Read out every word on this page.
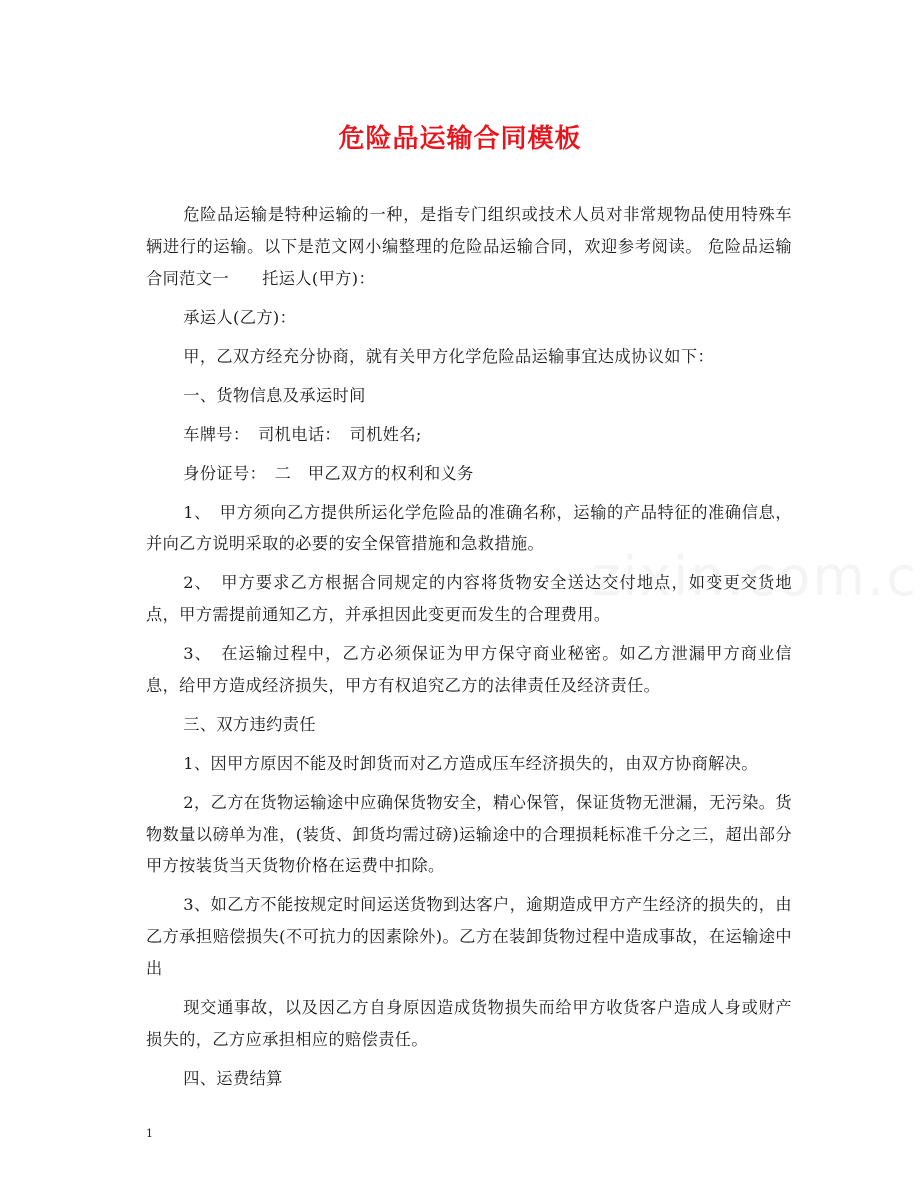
危险品运输合同模板

危险品运输是特种运输的一种，是指专门组织或技术人员对非常规物品使用特殊车辆进行的运输。以下是范文网小编整理的危险品运输合同，欢迎参考阅读。 危险品运输合同范文一　　托运人(甲方)：

承运人(乙方)：

甲，乙双方经充分协商，就有关甲方化学危险品运输事宜达成协议如下：

一、货物信息及承运时间

车牌号：　司机电话：　司机姓名;

身份证号：　二　甲乙双方的权利和义务

1、　甲方须向乙方提供所运化学危险品的准确名称，运输的产品特征的准确信息，并向乙方说明采取的必要的安全保管措施和急救措施。

2、　甲方要求乙方根据合同规定的内容将货物安全送达交付地点，如变更交货地点，甲方需提前通知乙方，并承担因此变更而发生的合理费用。

3、　在运输过程中，乙方必须保证为甲方保守商业秘密。如乙方泄漏甲方商业信息，给甲方造成经济损失，甲方有权追究乙方的法律责任及经济责任。

三、双方违约责任

1、因甲方原因不能及时卸货而对乙方造成压车经济损失的，由双方协商解决。

2，乙方在货物运输途中应确保货物安全，精心保管，保证货物无泄漏，无污染。货物数量以磅单为准，(装货、卸货均需过磅)运输途中的合理损耗标准千分之三，超出部分甲方按装货当天货物价格在运费中扣除。

3、如乙方不能按规定时间运送货物到达客户，逾期造成甲方产生经济的损失的，由乙方承担赔偿损失(不可抗力的因素除外)。乙方在装卸货物过程中造成事故，在运输途中出

现交通事故，以及因乙方自身原因造成货物损失而给甲方收货客户造成人身或财产损失的，乙方应承担相应的赔偿责任。

四、运费结算

1
